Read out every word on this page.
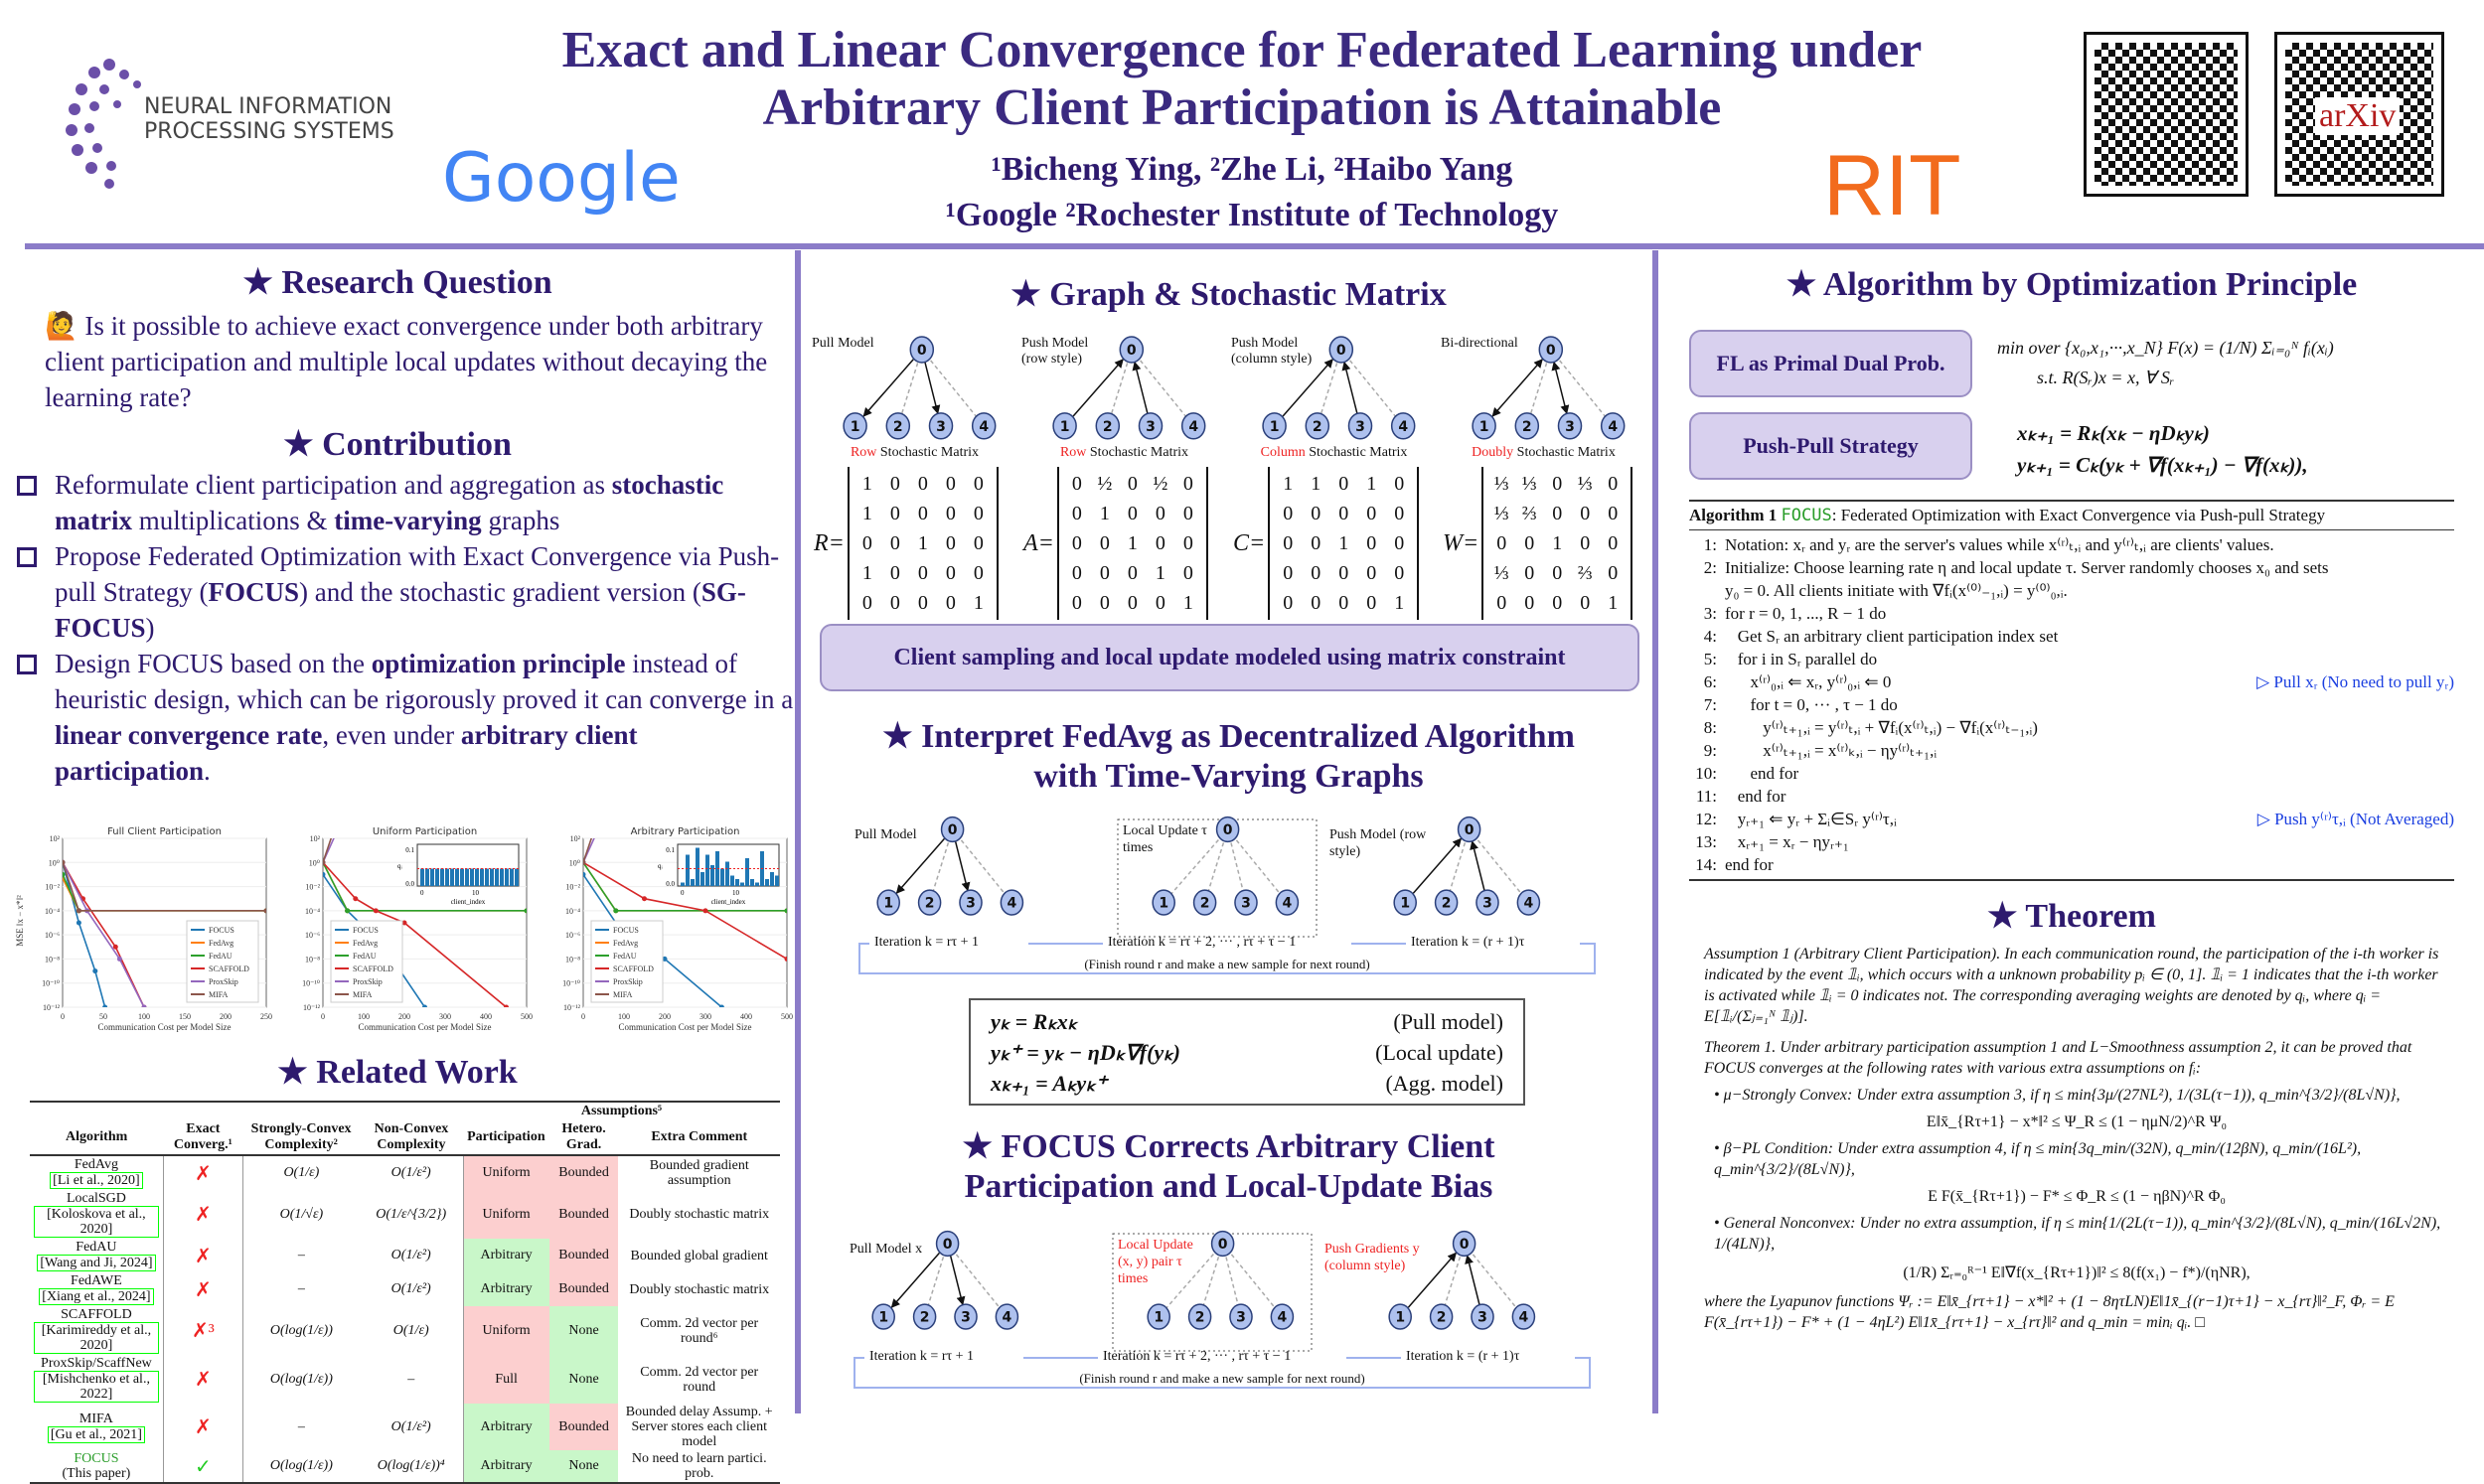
NEURAL INFORMATION PROCESSING SYSTEMS
Google
Exact and Linear Convergence for Federated Learning under
Arbitrary Client Participation is Attainable
¹Bicheng Ying, ²Zhe Li, ²Haibo Yang
¹Google ²Rochester Institute of Technology	RIT
arXiv
★ Research Question
🙋 Is it possible to achieve exact convergence under both arbitrary client participation and multiple local updates without decaying the learning rate?
★ Contribution
Reformulate client participation and aggregation as stochastic matrix multiplications & time-varying graphs
Propose Federated Optimization with Exact Convergence via Push-pull Strategy (FOCUS) and the stochastic gradient version (SG-FOCUS)
Design FOCUS based on the optimization principle instead of heuristic design, which can be rigorously proved it can converge in a linear convergence rate, even under arbitrary client participation.
Full Client Participation
10²
10⁰
10⁻²
10⁻⁴
10⁻⁶
10⁻⁸
10⁻¹⁰
10⁻¹²
0	50	100	150	200	250
Communication Cost per Model Size
MSE ‖x − x*‖²	FOCUS
FedAvg
FedAU
SCAFFOLD
ProxSkip
MIFA
Uniform Participation
10²
10⁰
10⁻²
10⁻⁴
10⁻⁶
10⁻⁸
10⁻¹⁰
10⁻¹²
0	100	200	300	400	500
Communication Cost per Model Size
FOCUS
FedAvg
FedAU
SCAFFOLD
ProxSkip
MIFA
0.1
0.0
qᵢ
0	10
client_index
Arbitrary Participation
10²
10⁰
10⁻²
10⁻⁴
10⁻⁶
10⁻⁸
10⁻¹⁰
10⁻¹²
0	100	200	300	400	500
Communication Cost per Model Size
FOCUS
FedAvg
FedAU
SCAFFOLD
ProxSkip
MIFA
0.1
0.0
qᵢ
0	10
client_index
★ Related Work
				Assumptions⁵		
Algorithm	Exact Converg.¹	Strongly-Convex Complexity²	Non-Convex Complexity	Participation	Hetero. Grad.	Extra Comment

FedAvg
[Li et al., 2020]	✗	O(1/ε)	O(1/ε²)	Uniform	Bounded	Bounded gradient assumption

LocalSGD
[Koloskova et al., 2020]	✗	O(1/√ε)	O(1/ε^{3/2})	Uniform	Bounded	Doubly stochastic matrix

FedAU
[Wang and Ji, 2024]	✗	–	O(1/ε²)	Arbitrary	Bounded	Bounded global gradient

FedAWE
[Xiang et al., 2024]	✗	–	O(1/ε²)	Arbitrary	Bounded	Doubly stochastic matrix

SCAFFOLD
[Karimireddy et al., 2020]	✗³	O(log(1/ε))	O(1/ε)	Uniform	None	Comm. 2d vector per round⁶

ProxSkip/ScaffNew
[Mishchenko et al., 2022]	✗	O(log(1/ε))	–	Full	None	Comm. 2d vector per round

MIFA
[Gu et al., 2021]	✗	–	O(1/ε²)	Arbitrary	Bounded	Bounded delay Assump. + Server stores each client model

FOCUS
(This paper)	✓	O(log(1/ε))	O(log(1/ε))⁴	Arbitrary	None	No need to learn partici. prob.
★ Graph & Stochastic Matrix
Pull Model	0
1 2 3 4
Row Stochastic Matrix
R=
1 0 0 0 0
1 0 0 0 0
0 0 1 0 0
1 0 0 0 0
0 0 0 0 1
Push Model (row style)
0
1 2 3 4
Row Stochastic Matrix
A=
0 ½ 0 ½ 0
0 1 0 0 0
0 0 1 0 0
0 0 0 1 0
0 0 0 0 1
Push Model (column style)
0
1 2 3 4
Column Stochastic Matrix
C=
1 1 0 1 0
0 0 0 0 0
0 0 1 0 0
0 0 0 0 0
0 0 0 0 1
Bi-directional	0
1 2 3 4
Doubly Stochastic Matrix
W=
⅓ ⅓ 0 ⅓ 0
⅓ ⅔ 0 0 0
0 0 1 0 0
⅓ 0 0 ⅔ 0
0 0 0 0 1
Client sampling and local update modeled using matrix constraint
★ Interpret FedAvg as Decentralized Algorithm
with Time-Varying Graphs
0
1 2 3 4
0
1 2 3 4
0
1 2 3 4
Pull Model	Local Update τ times
Push Model (row style)
Iteration k = rτ + 1	Iteration k = rτ + 2, ··· , rτ + τ − 1	Iteration k = (r + 1)τ
(Finish round r and make a new sample for next round)
yₖ = Rₖxₖ	(Pull model)
yₖ⁺ = yₖ − ηDₖ∇f(yₖ)	(Local update)
xₖ₊₁ = Aₖyₖ⁺	(Agg. model)
★ FOCUS Corrects Arbitrary Client
Participation and Local-Update Bias
0
1 2 3 4
0
1 2 3 4
0
1 2 3 4
Pull Model x	Local Update (x, y) pair τ times
Push Gradients y (column style)
Iteration k = rτ + 1	Iteration k = rτ + 2, ··· , rτ + τ − 1	Iteration k = (r + 1)τ
(Finish round r and make a new sample for next round)
★ Algorithm by Optimization Principle
FL as Primal Dual Prob.
Push-Pull Strategy
min over {x₀,x₁,···,x_N} F(x) = (1/N) Σᵢ₌₀ᴺ fᵢ(xᵢ)
s.t. R(Sᵣ)x = x, ∀ Sᵣ
xₖ₊₁ = Rₖ(xₖ − ηDₖyₖ)
yₖ₊₁ = Cₖ(yₖ + ∇f(xₖ₊₁) − ∇f(xₖ)),
Algorithm 1 FOCUS: Federated Optimization with Exact Convergence via Push-pull Strategy
1: Notation: xᵣ and yᵣ are the server's values while x⁽ʳ⁾ₜ,ᵢ and y⁽ʳ⁾ₜ,ᵢ are clients' values.
2: Initialize: Choose learning rate η and local update τ. Server randomly chooses x₀ and sets
y₀ = 0. All clients initiate with ∇fᵢ(x⁽⁰⁾₋₁,ᵢ) = y⁽⁰⁾₀,ᵢ.
3: for r = 0, 1, ..., R − 1 do
4: Get Sᵣ an arbitrary client participation index set
5: for i in Sᵣ parallel do
6: x⁽ʳ⁾₀,ᵢ ⇐ xᵣ, y⁽ʳ⁾₀,ᵢ ⇐ 0	▷ Pull xᵣ (No need to pull yᵣ)
7: for t = 0, ··· , τ − 1 do
8: y⁽ʳ⁾ₜ₊₁,ᵢ = y⁽ʳ⁾ₜ,ᵢ + ∇fᵢ(x⁽ʳ⁾ₜ,ᵢ) − ∇fᵢ(x⁽ʳ⁾ₜ₋₁,ᵢ)
9: x⁽ʳ⁾ₜ₊₁,ᵢ = x⁽ʳ⁾ₖ,ᵢ − ηy⁽ʳ⁾ₜ₊₁,ᵢ
10: end for
11: end for
12: yᵣ₊₁ ⇐ yᵣ + Σᵢ∈Sᵣ y⁽ʳ⁾τ,ᵢ	▷ Push y⁽ʳ⁾τ,ᵢ (Not Averaged)
13: xᵣ₊₁ = xᵣ − ηyᵣ₊₁
14: end for
★ Theorem

Assumption 1 (Arbitrary Client Participation). In each communication round, the participation of the i-th worker is indicated by the event 𝟙ᵢ, which occurs with a unknown probability pᵢ ∈ (0, 1]. 𝟙ᵢ = 1 indicates that the i-th worker is activated while 𝟙ᵢ = 0 indicates not. The corresponding averaging weights are denoted by qᵢ, where qᵢ = E[𝟙ᵢ/(Σⱼ₌₁ᴺ 𝟙ⱼ)].

Theorem 1. Under arbitrary participation assumption 1 and L−Smoothness assumption 2, it can be proved that FOCUS converges at the following rates with various extra assumptions on fᵢ:

• μ−Strongly Convex: Under extra assumption 3, if η ≤ min{3μ/(27NL²), 1/(3L(τ−1)), q_min^{3/2}/(8L√N)},

E‖x̄_{Rτ+1} − x*‖² ≤ Ψ_R ≤ (1 − ημN/2)^R Ψ₀

• β−PL Condition: Under extra assumption 4, if η ≤ min{3q_min/(32N), q_min/(12βN), q_min/(16L²), q_min^{3/2}/(8L√N)},

E F(x̄_{Rτ+1}) − F* ≤ Φ_R ≤ (1 − ηβN)^R Φ₀

• General Nonconvex: Under no extra assumption, if η ≤ min{1/(2L(τ−1)), q_min^{3/2}/(8L√N), q_min/(16L√2N), 1/(4LN)},

(1/R) Σᵣ₌₀ᴿ⁻¹ E‖∇f(x_{Rτ+1})‖² ≤ 8(f(x₁) − f*)/(ηNR),

where the Lyapunov functions Ψᵣ := E‖x̄_{rτ+1} − x*‖² + (1 − 8ητLN)E‖1x̄_{(r−1)τ+1} − x_{rτ}‖²_F, Φᵣ = E F(x̄_{rτ+1}) − F* + (1 − 4ηL²) E‖1x̄_{rτ+1} − x_{rτ}‖² and q_min = minᵢ qᵢ. □
